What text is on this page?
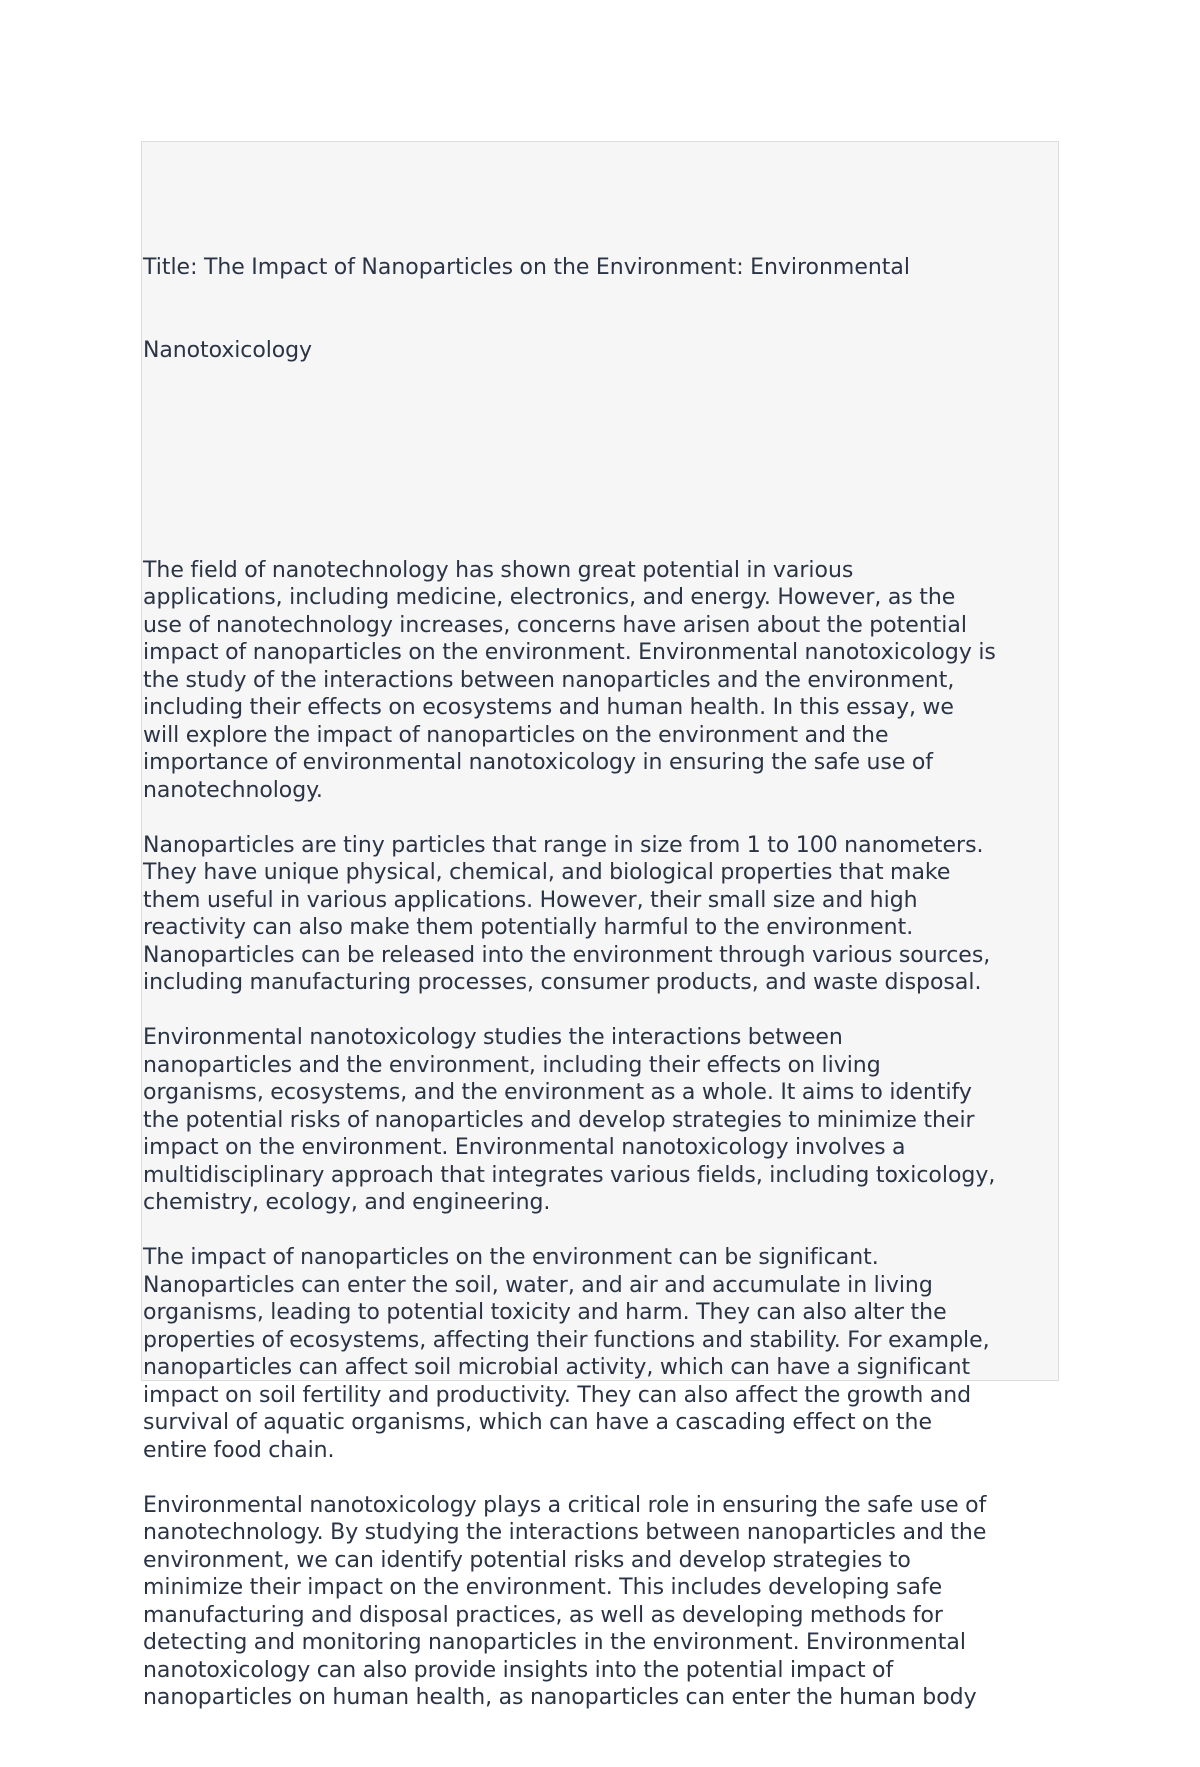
Title: The Impact of Nanoparticles on the Environment: Environmental

Nanotoxicology

The field of nanotechnology has shown great potential in various
applications, including medicine, electronics, and energy. However, as the
use of nanotechnology increases, concerns have arisen about the potential
impact of nanoparticles on the environment. Environmental nanotoxicology is
the study of the interactions between nanoparticles and the environment,
including their effects on ecosystems and human health. In this essay, we
will explore the impact of nanoparticles on the environment and the
importance of environmental nanotoxicology in ensuring the safe use of
nanotechnology.
Nanoparticles are tiny particles that range in size from 1 to 100 nanometers.
They have unique physical, chemical, and biological properties that make
them useful in various applications. However, their small size and high
reactivity can also make them potentially harmful to the environment.
Nanoparticles can be released into the environment through various sources,
including manufacturing processes, consumer products, and waste disposal.
Environmental nanotoxicology studies the interactions between
nanoparticles and the environment, including their effects on living
organisms, ecosystems, and the environment as a whole. It aims to identify
the potential risks of nanoparticles and develop strategies to minimize their
impact on the environment. Environmental nanotoxicology involves a
multidisciplinary approach that integrates various fields, including toxicology,
chemistry, ecology, and engineering.
The impact of nanoparticles on the environment can be significant.
Nanoparticles can enter the soil, water, and air and accumulate in living
organisms, leading to potential toxicity and harm. They can also alter the
properties of ecosystems, affecting their functions and stability. For example,
nanoparticles can affect soil microbial activity, which can have a significant
impact on soil fertility and productivity. They can also affect the growth and
survival of aquatic organisms, which can have a cascading effect on the
entire food chain.
Environmental nanotoxicology plays a critical role in ensuring the safe use of
nanotechnology. By studying the interactions between nanoparticles and the
environment, we can identify potential risks and develop strategies to
minimize their impact on the environment. This includes developing safe
manufacturing and disposal practices, as well as developing methods for
detecting and monitoring nanoparticles in the environment. Environmental
nanotoxicology can also provide insights into the potential impact of
nanoparticles on human health, as nanoparticles can enter the human body
